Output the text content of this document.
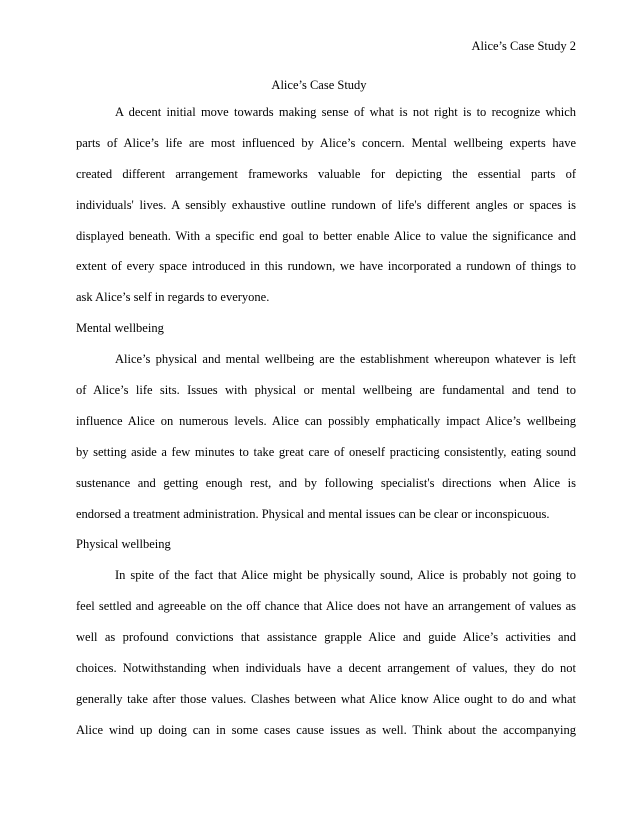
Alice’s Case Study 2
Alice’s Case Study
A decent initial move towards making sense of what is not right is to recognize which
parts of Alice’s life are most influenced by Alice’s concern. Mental wellbeing experts have
created different arrangement frameworks valuable for depicting the essential parts of
individuals' lives. A sensibly exhaustive outline rundown of life's different angles or spaces is
displayed beneath. With a specific end goal to better enable Alice to value the significance and
extent of every space introduced in this rundown, we have incorporated a rundown of things to
ask Alice’s self in regards to everyone.
Mental wellbeing
Alice’s physical and mental wellbeing are the establishment whereupon whatever is left
of Alice’s life sits. Issues with physical or mental wellbeing are fundamental and tend to
influence Alice on numerous levels. Alice can possibly emphatically impact Alice’s wellbeing
by setting aside a few minutes to take great care of oneself practicing consistently, eating sound
sustenance and getting enough rest, and by following specialist's directions when Alice is
endorsed a treatment administration. Physical and mental issues can be clear or inconspicuous.
Physical wellbeing
In spite of the fact that Alice might be physically sound, Alice is probably not going to
feel settled and agreeable on the off chance that Alice does not have an arrangement of values as
well as profound convictions that assistance grapple Alice and guide Alice’s activities and
choices. Notwithstanding when individuals have a decent arrangement of values, they do not
generally take after those values. Clashes between what Alice know Alice ought to do and what
Alice wind up doing can in some cases cause issues as well. Think about the accompanying
